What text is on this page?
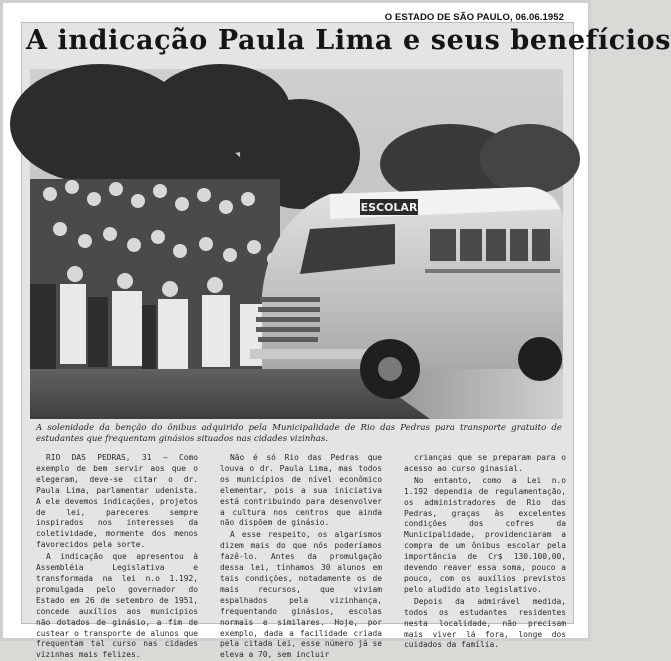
O ESTADO DE SÃO PAULO, 06.06.1952
A indicação Paula Lima e seus benefícios
ESCOLAR
A solenidade da benção do ônibus adquirido pela Municipalidade de Rio das Pedras para transporte gratuito de estudantes que frequentam ginásios situados nas cidades vizinhas.

RIO DAS PEDRAS, 31 — Como exemplo de bem servir aos que o elegeram, deve-se citar o dr. Paula Lima, parlamentar udenista. A ele devemos indicações, projetos de lei, pareceres sempre inspirados nos interesses da coletividade, mormente dos menos favorecidos pela sorte.

A indicação que apresentou à Assembléia Legislativa e transformada na lei n.o 1.192, promulgada pelo governador do Estado em 26 de setembro de 1951, concede auxílios aos municípios não dotados de ginásio, a fim de custear o transporte de alunos que frequentam tal curso nas cidades vizinhas mais felizes.

Não é só Rio das Pedras que louva o dr. Paula Lima, mas todos os municípios de nível econômico elementar, pois a sua iniciativa está contribuindo para desenvolver a cultura nos centros que ainda não dispõem de ginásio.

A esse respeito, os algarismos dizem mais do que nós poderíamos fazê-lo. Antes da promulgação dessa lei, tínhamos 30 alunos em tais condições, notadamente os de mais recursos, que viviam espalhados pela vizinhança, frequentando ginásios, escolas normais e similares. Hoje, por exemplo, dada a facilidade criada pela citada Lei, esse número já se eleva a 70, sem incluir

crianças que se preparam para o acesso ao curso ginasial.

No entanto, como a Lei n.o 1.192 dependia de regulamentação, os administradores de Rio das Pedras, graças às excelentes condições dos cofres da Municipalidade, providenciaram a compra de um ônibus escolar pela importância de Cr$ 130.100,00, devendo reaver essa soma, pouco a pouco, com os auxílios previstos pelo aludido ato legislativo.

Depois da admirável medida, todos os estudantes residentes nesta localidade, não precisam mais viver lá fora, longe dos cuidados da família.
